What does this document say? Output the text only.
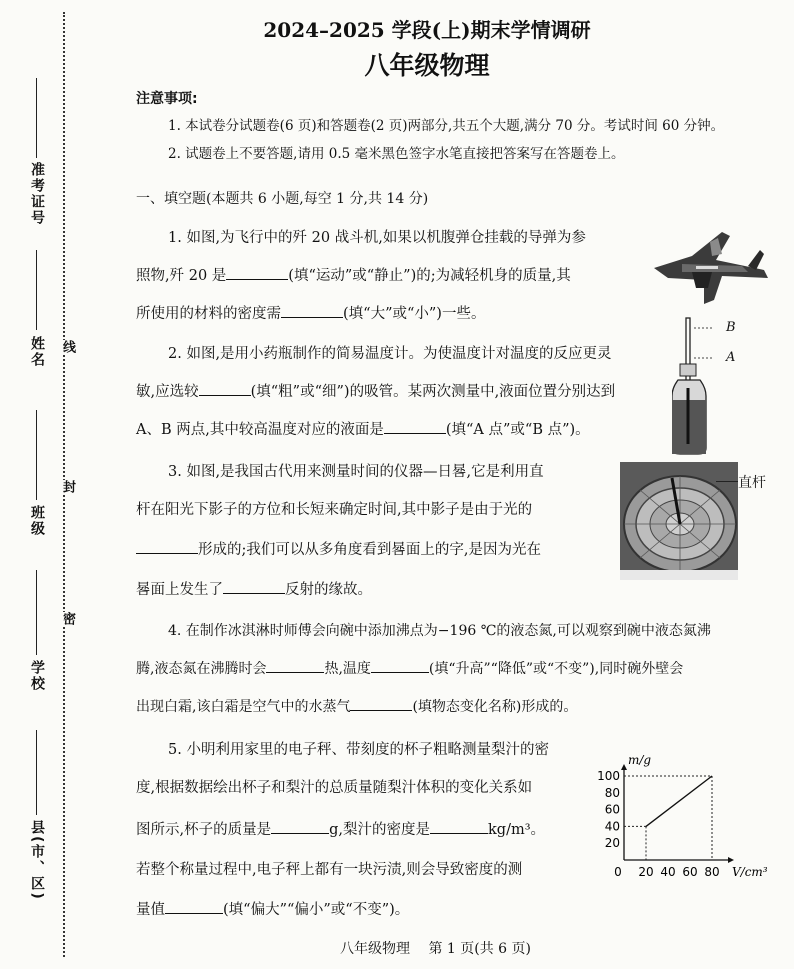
准考证号
姓名
班级
学校
县(市、区)
线
封
密
2024–2025 学段(上)期末学情调研
八年级物理
注意事项:
1. 本试卷分试题卷(6 页)和答题卷(2 页)两部分,共五个大题,满分 70 分。考试时间 60 分钟。
2. 试题卷上不要答题,请用 0.5 毫米黑色签字水笔直接把答案写在答题卷上。
一、填空题(本题共 6 小题,每空 1 分,共 14 分)
1. 如图,为飞行中的歼 20 战斗机,如果以机腹弹仓挂载的导弹为参
照物,歼 20 是	(填“运动”或“静止”)的;为减轻机身的质量,其
所使用的材料的密度需	(填“大”或“小”)一些。
2. 如图,是用小药瓶制作的简易温度计。为使温度计对温度的反应更灵
敏,应选较	(填“粗”或“细”)的吸管。某两次测量中,液面位置分别达到
A、B 两点,其中较高温度对应的液面是	(填“A 点”或“B 点”)。
B
A
3. 如图,是我国古代用来测量时间的仪器—日晷,它是利用直
杆在阳光下影子的方位和长短来确定时间,其中影子是由于光的
形成的;我们可以从多角度看到晷面上的字,是因为光在
晷面上发生了	反射的缘故。
直杆
4. 在制作冰淇淋时师傅会向碗中添加沸点为−196 ℃的液态氮,可以观察到碗中液态氮沸
腾,液态氮在沸腾时会	热,温度	(填“升高”“降低”或“不变”),同时碗外壁会
出现白霜,该白霜是空气中的水蒸气	(填物态变化名称)形成的。
5. 小明利用家里的电子秤、带刻度的杯子粗略测量梨汁的密
度,根据数据绘出杯子和梨汁的总质量随梨汁体积的变化关系如
图所示,杯子的质量是	g,梨汁的密度是	kg/m³。
若整个称量过程中,电子秤上都有一块污渍,则会导致密度的测
量值	(填“偏大”“偏小”或“不变”)。
100
80
60
40
20
0 20 40 60 80
m/g
V/cm³
八年级物理　 第 1 页(共 6 页)
